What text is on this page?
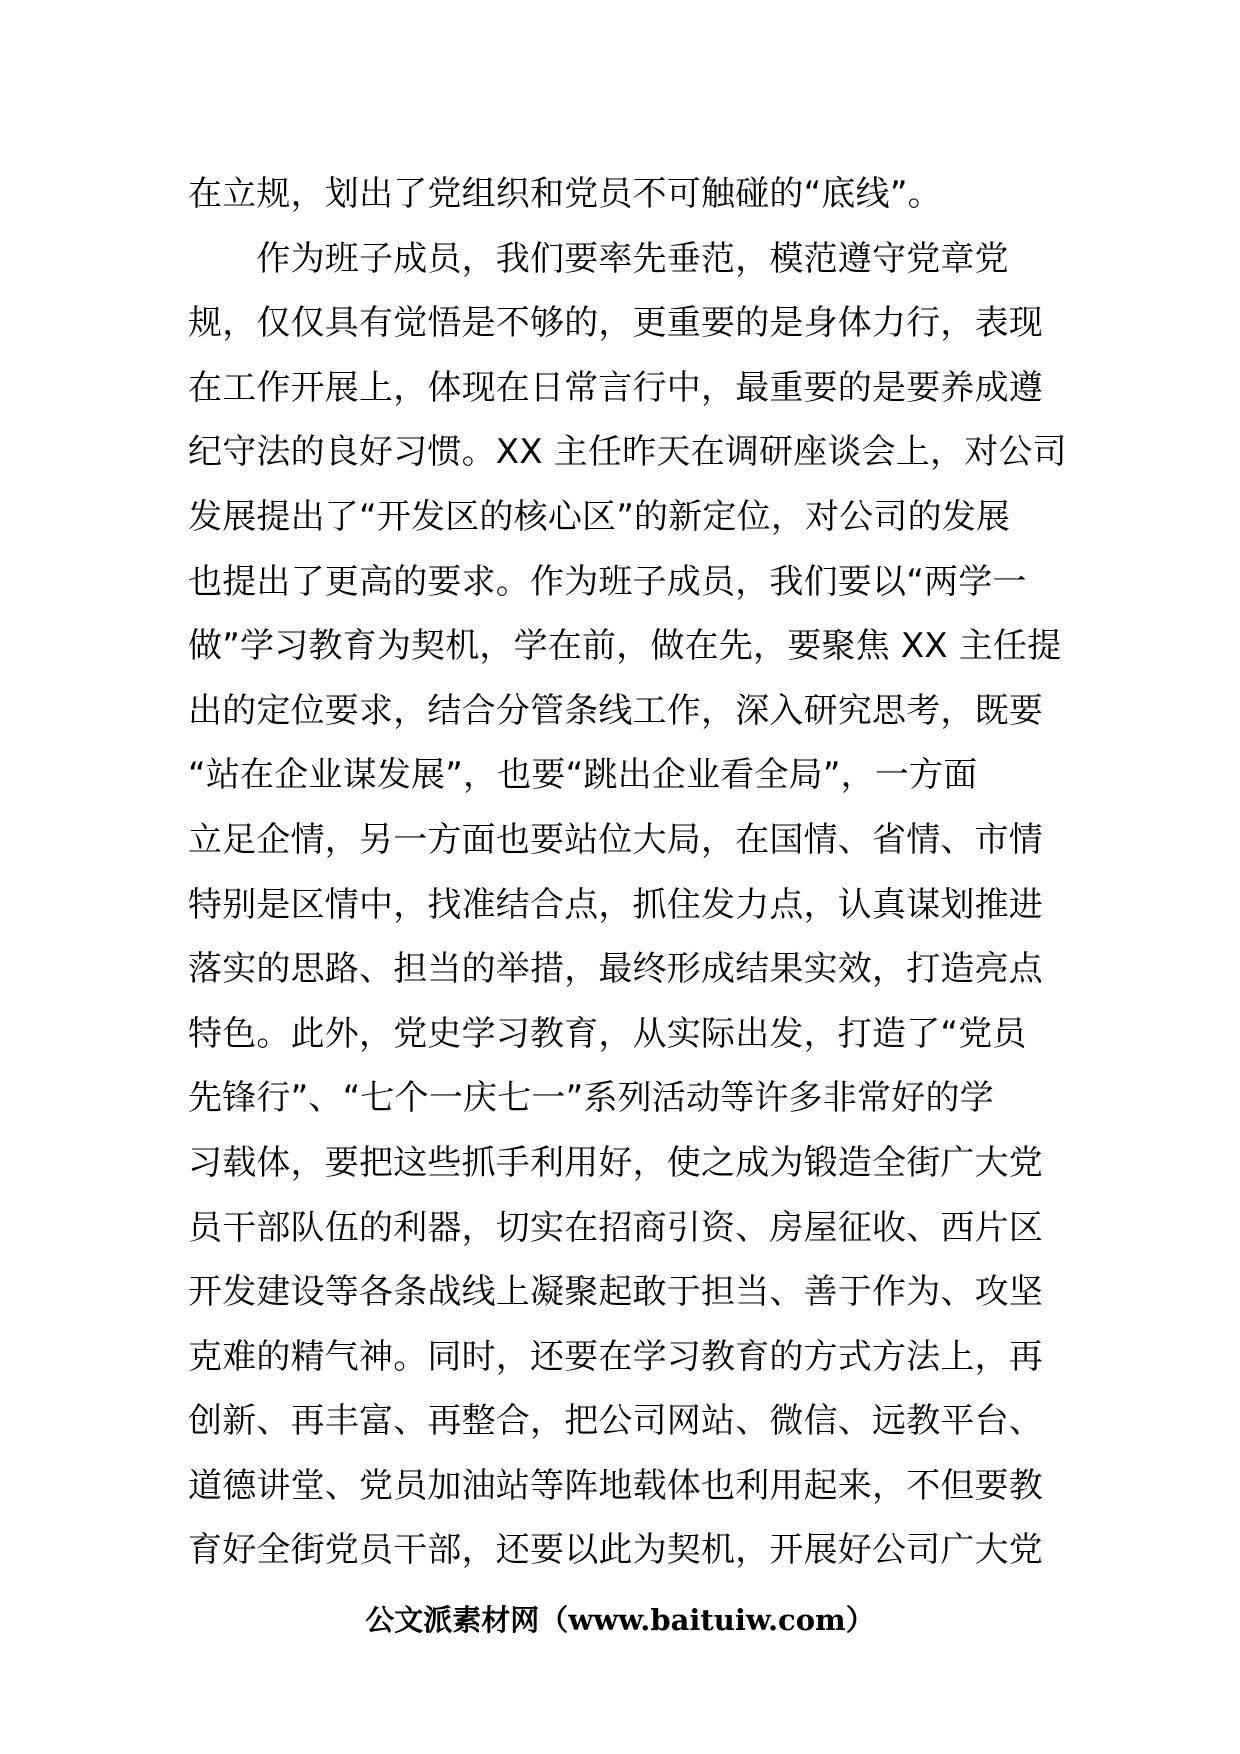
在立规，划出了党组织和党员不可触碰的“底线”。
　　作为班子成员，我们要率先垂范，模范遵守党章党
规，仅仅具有觉悟是不够的，更重要的是身体力行，表现
在工作开展上，体现在日常言行中，最重要的是要养成遵
纪守法的良好习惯。XX 主任昨天在调研座谈会上，对公司
发展提出了“开发区的核心区”的新定位，对公司的发展
也提出了更高的要求。作为班子成员，我们要以“两学一
做”学习教育为契机，学在前，做在先，要聚焦 XX 主任提
出的定位要求，结合分管条线工作，深入研究思考，既要
“站在企业谋发展”，也要“跳出企业看全局”，一方面
立足企情，另一方面也要站位大局，在国情、省情、市情
特别是区情中，找准结合点，抓住发力点，认真谋划推进
落实的思路、担当的举措，最终形成结果实效，打造亮点
特色。此外，党史学习教育，从实际出发，打造了“党员
先锋行”、“七个一庆七一”系列活动等许多非常好的学
习载体，要把这些抓手利用好，使之成为锻造全街广大党
员干部队伍的利器，切实在招商引资、房屋征收、西片区
开发建设等各条战线上凝聚起敢于担当、善于作为、攻坚
克难的精气神。同时，还要在学习教育的方式方法上，再
创新、再丰富、再整合，把公司网站、微信、远教平台、
道德讲堂、党员加油站等阵地载体也利用起来，不但要教
育好全街党员干部，还要以此为契机，开展好公司广大党
公文派素材网（www.baituiw.com）
